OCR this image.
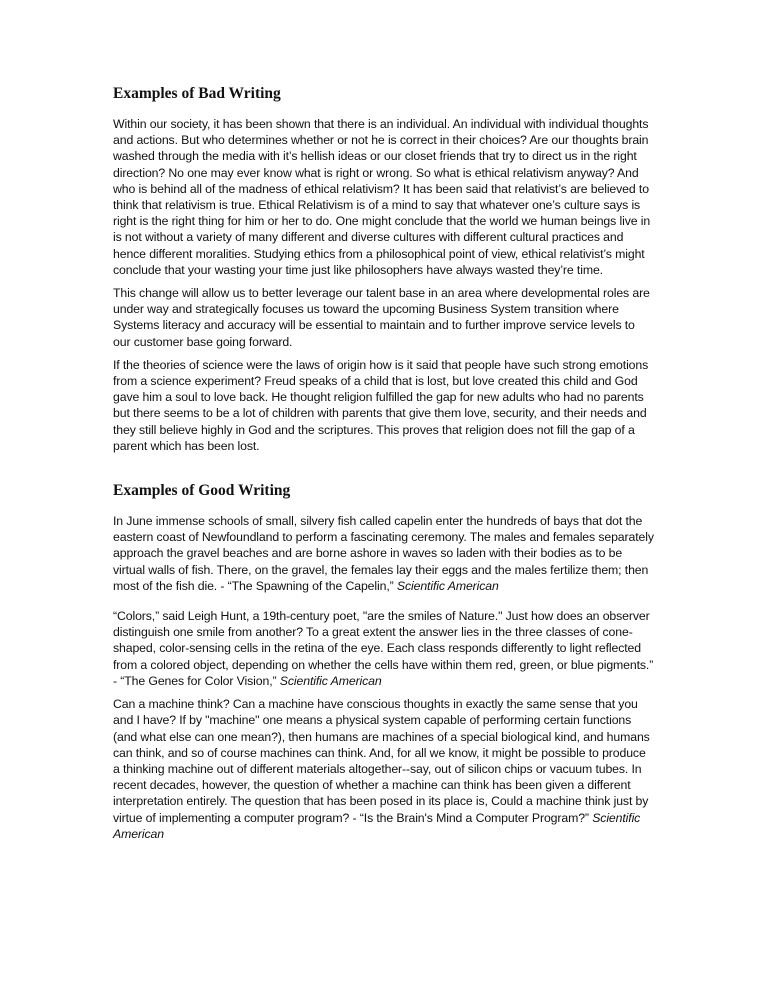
Examples of Bad Writing

Within our society, it has been shown that there is an individual. An individual with individual thoughts and actions. But who determines whether or not he is correct in their choices? Are our thoughts brain washed through the media with it’s hellish ideas or our closet friends that try to direct us in the right direction? No one may ever know what is right or wrong. So what is ethical relativism anyway? And who is behind all of the madness of ethical relativism? It has been said that relativist’s are believed to think that relativism is true. Ethical Relativism is of a mind to say that whatever one’s culture says is right is the right thing for him or her to do. One might conclude that the world we human beings live in is not without a variety of many different and diverse cultures with different cultural practices and hence different moralities. Studying ethics from a philosophical point of view, ethical relativist’s might conclude that your wasting your time just like philosophers have always wasted they’re time.

This change will allow us to better leverage our talent base in an area where developmental roles are under way and strategically focuses us toward the upcoming Business System transition where Systems literacy and accuracy will be essential to maintain and to further improve service levels to our customer base going forward.

If the theories of science were the laws of origin how is it said that people have such strong emotions from a science experiment? Freud speaks of a child that is lost, but love created this child and God gave him a soul to love back. He thought religion fulfilled the gap for new adults who had no parents but there seems to be a lot of children with parents that give them love, security, and their needs and they still believe highly in God and the scriptures. This proves that religion does not fill the gap of a parent which has been lost.

Examples of Good Writing

In June immense schools of small, silvery fish called capelin enter the hundreds of bays that dot the eastern coast of Newfoundland to perform a fascinating ceremony. The males and females separately approach the gravel beaches and are borne ashore in waves so laden with their bodies as to be virtual walls of fish. There, on the gravel, the females lay their eggs and the males fertilize them; then most of the fish die. - “The Spawning of the Capelin,” Scientific American

“Colors,” said Leigh Hunt, a 19th-century poet, "are the smiles of Nature." Just how does an observer distinguish one smile from another? To a great extent the answer lies in the three classes of cone-shaped, color-sensing cells in the retina of the eye. Each class responds differently to light reflected from a colored object, depending on whether the cells have within them red, green, or blue pigments.” - “The Genes for Color Vision,” Scientific American

Can a machine think? Can a machine have conscious thoughts in exactly the same sense that you and I have? If by "machine" one means a physical system capable of performing certain functions (and what else can one mean?), then humans are machines of a special biological kind, and humans can think, and so of course machines can think. And, for all we know, it might be possible to produce a thinking machine out of different materials altogether--say, out of silicon chips or vacuum tubes. In recent decades, however, the question of whether a machine can think has been given a different interpretation entirely. The question that has been posed in its place is, Could a machine think just by virtue of implementing a computer program? - “Is the Brain's Mind a Computer Program?” Scientific American
